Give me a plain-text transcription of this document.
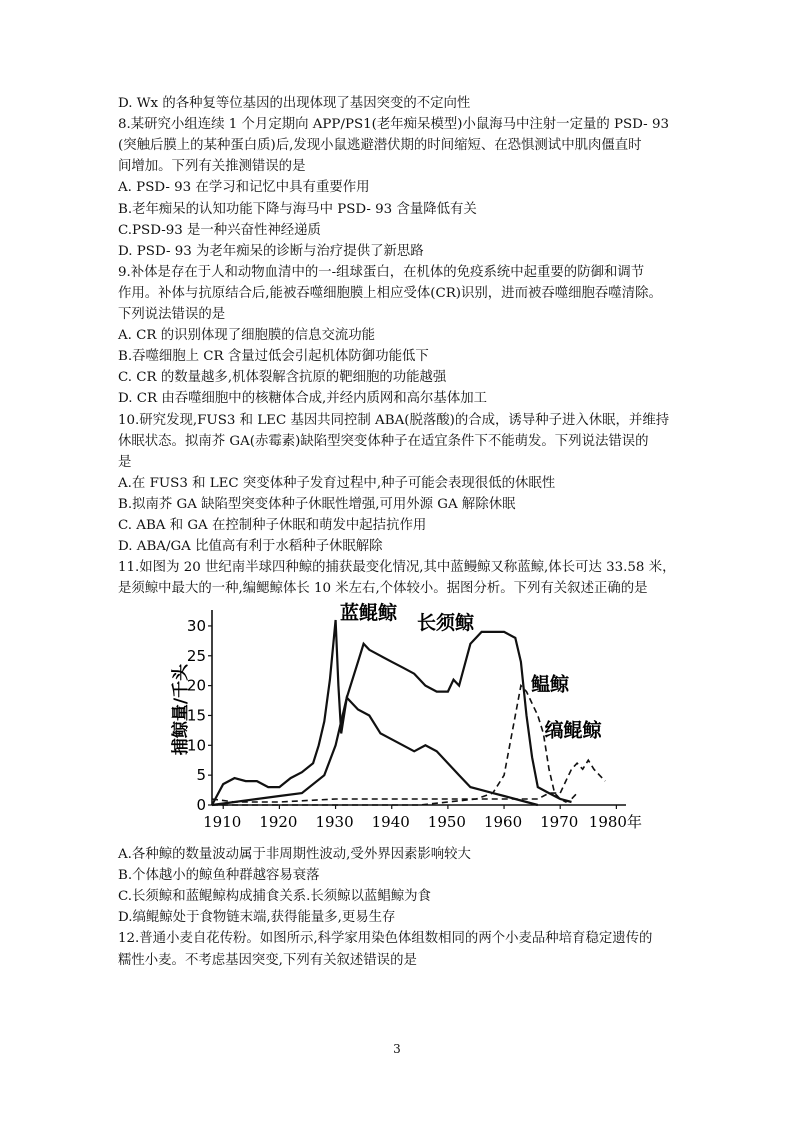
D. Wx 的各种复等位基因的出现体现了基因突变的不定向性
8.某研究小组连续 1 个月定期向 APP/PS1(老年痴呆模型)小鼠海马中注射一定量的 PSD- 93
(突触后膜上的某种蛋白质)后,发现小鼠逃避潜伏期的时间缩短、在恐惧测试中肌肉僵直时
间增加。下列有关推测错误的是
A. PSD- 93 在学习和记忆中具有重要作用
B.老年痴呆的认知功能下降与海马中 PSD- 93 含量降低有关
C.PSD-93 是一种兴奋性神经递质
D. PSD- 93 为老年痴呆的诊断与治疗提供了新思路
9.补体是存在于人和动物血清中的一-组球蛋白，在机体的免疫系统中起重要的防御和调节
作用。补体与抗原结合后,能被吞噬细胞膜上相应受体(CR)识别，进而被吞噬细胞吞噬清除。
下列说法错误的是
A. CR 的识别体现了细胞膜的信息交流功能
B.吞噬细胞上 CR 含量过低会引起机体防御功能低下
C. CR 的数量越多,机体裂解含抗原的靶细胞的功能越强
D. CR 由吞噬细胞中的核糖体合成,并经内质网和高尔基体加工
10.研究发现,FUS3 和 LEC 基因共同控制 ABA(脱落酸)的合成，诱导种子进入休眠，并维持
休眠状态。拟南芥 GA(赤霉素)缺陷型突变体种子在适宜条件下不能萌发。下列说法错误的
是
A.在 FUS3 和 LEC 突变体种子发育过程中,种子可能会表现很低的休眠性
B.拟南芥 GA 缺陷型突变体种子休眠性增强,可用外源 GA 解除休眠
C. ABA 和 GA 在控制种子休眠和萌发中起拮抗作用
D. ABA/GA 比值高有利于水稻种子休眠解除
11.如图为 20 世纪南半球四种鲸的捕获最变化情况,其中蓝鳗鲸又称蓝鲸,体长可达 33.58 米，
是须鲸中最大的一种,编鳃鲸体长 10 米左右,个体较小。据图分析。下列有关叙述正确的是
0
5
10
15
20
25
30
1910 1920 1930 1940 1950 1960 1970 1980年
捕鲸量/千头
蓝鲲鲸 长须鲸
鳁鲸
缟鲲鲸
A.各种鲸的数量波动属于非周期性波动,受外界因素影响较大
B.个体越小的鲸鱼种群越容易衰落
C.长须鲸和蓝鲲鲸构成捕食关系.长须鲸以蓝鲳鲸为食
D.缟鲲鲸处于食物链末端,获得能量多,更易生存
12.普通小麦自花传粉。如图所示,科学家用染色体组数相同的两个小麦品种培育稳定遗传的
糯性小麦。不考虑基因突变,下列有关叙述错误的是
3
